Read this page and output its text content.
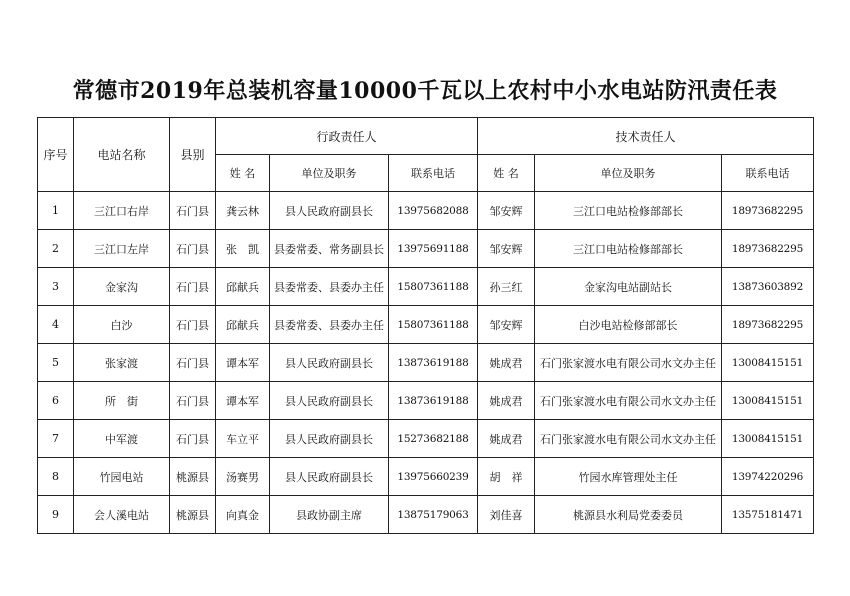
常德市2019年总装机容量10000千瓦以上农村中小水电站防汛责任表
序号	电站名称	县别	行政责任人			技术责任人		
			姓 名	单位及职务	联系电话	姓 名	单位及职务	联系电话
1	三江口右岸	石门县	龚云林	县人民政府副县长	13975682088	邹安辉	三江口电站检修部部长	18973682295
2	三江口左岸	石门县	张　凯	县委常委、常务副县长	13975691188	邹安辉	三江口电站检修部部长	18973682295
3	金家沟	石门县	邱献兵	县委常委、县委办主任	15807361188	孙三红	金家沟电站副站长	13873603892
4	白沙	石门县	邱献兵	县委常委、县委办主任	15807361188	邹安辉	白沙电站检修部部长	18973682295
5	张家渡	石门县	谭本军	县人民政府副县长	13873619188	姚成君	石门张家渡水电有限公司水文办主任	13008415151
6	所　街	石门县	谭本军	县人民政府副县长	13873619188	姚成君	石门张家渡水电有限公司水文办主任	13008415151
7	中军渡	石门县	车立平	县人民政府副县长	15273682188	姚成君	石门张家渡水电有限公司水文办主任	13008415151
8	竹园电站	桃源县	汤赛男	县人民政府副县长	13975660239	胡　祥	竹园水库管理处主任	13974220296
9	会人溪电站	桃源县	向真金	县政协副主席	13875179063	刘佳喜	桃源县水利局党委委员	13575181471
